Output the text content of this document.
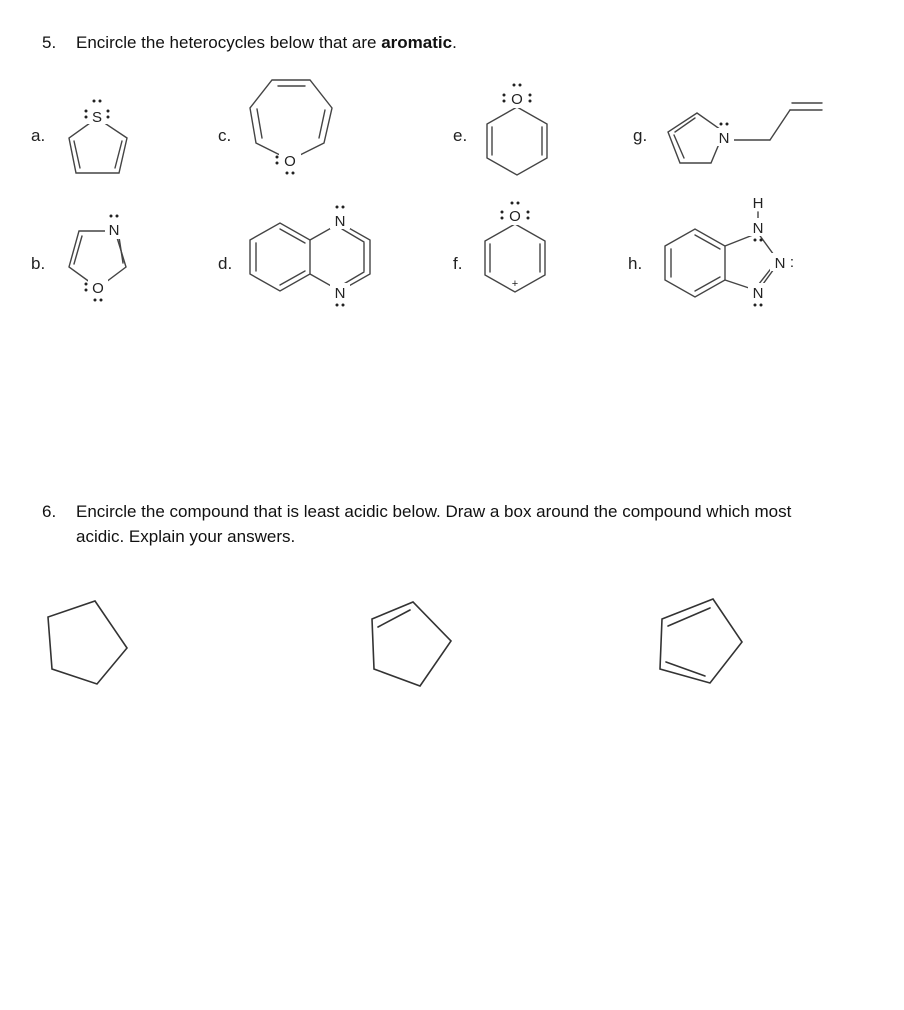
5. Encircle the heterocycles below that are aromatic.
a.
b.
c.
d.
e.
f.
g.
h.
S
N
O
O
N
N
O
O
+
N
H
N
N :
N
6. Encircle the compound that is least acidic below. Draw a box around the compound which most
acidic. Explain your answers.
